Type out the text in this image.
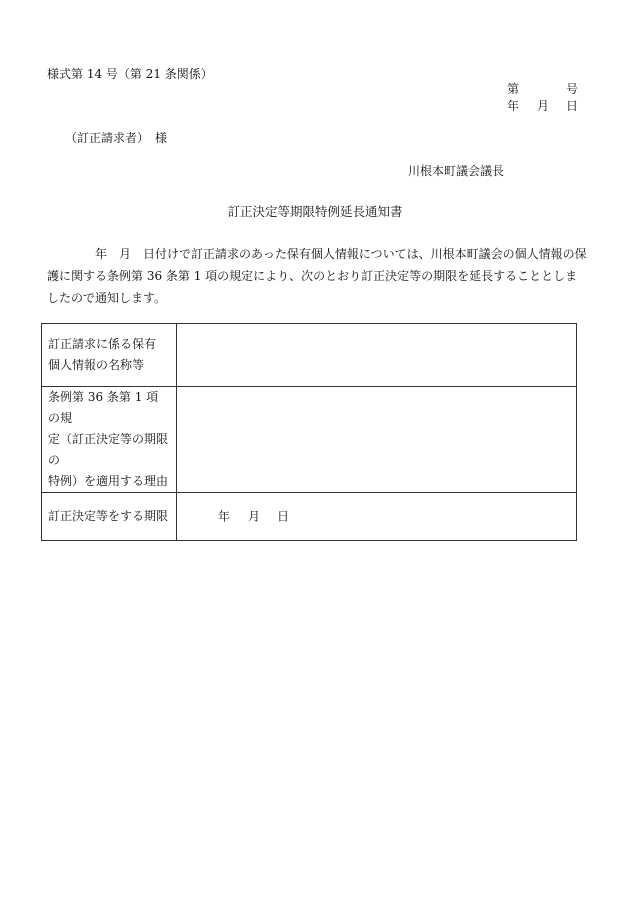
様式第 14 号（第 21 条関係）
第	号
年 月 日
（訂正請求者）　様
川根本町議会議長
訂正決定等期限特例延長通知書
年　月　日付けで訂正請求のあった保有個人情報については、川根本町議会の個人情報の保
護に関する条例第 36 条第 1 項の規定により、次のとおり訂正決定等の期限を延長することとしま
したので通知します。
訂正請求に係る保有
個人情報の名称等	

条例第 36 条第 1 項の規
定（訂正決定等の期限の
特例）を適用する理由	

訂正決定等をする期限	年 月 日
